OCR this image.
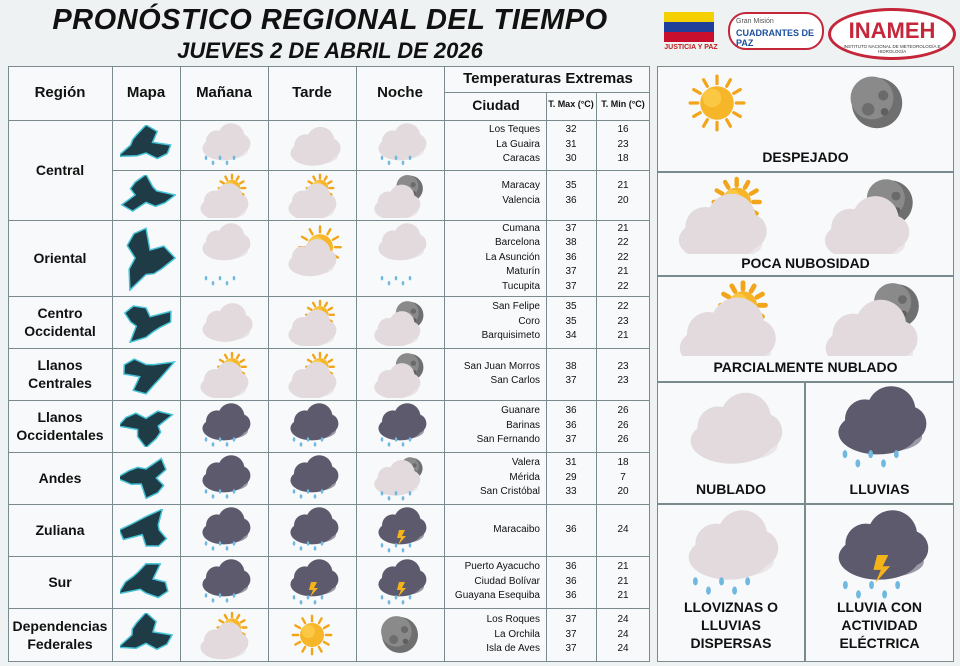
PRONÓSTICO REGIONAL DEL TIEMPO
JUEVES 2 DE ABRIL DE 2026	JUSTICIA Y PAZ
Gran Misión
CUADRANTES DE PAZ	INAMEH
INSTITUTO NACIONAL DE METEOROLOGÍA E HIDROLOGÍA
Región	Mapa	Mañana	Tarde	Noche
Temperaturas Extremas
Ciudad	T. Max (°C) T. Min (°C)
Central
Los Teques	32	16
La Guaira	31	23
Caracas	30	18
Maracay	35	21
Valencia	36	20
Oriental
Cumana	37	21
Barcelona	38	22
La Asunción	36	22
Maturín	37	21
Tucupita	37	22
Centro
Occidental
San Felipe	35	22
Coro	35	23
Barquisimeto	34	21
Llanos
Centrales
San Juan Morros	38	23
San Carlos	37	23
Llanos
Occidentales
Guanare	36	26
Barinas	36	26
San Fernando	37	26
Andes
Valera	31	18
Mérida	29	7
San Cristóbal	33	20
Zuliana	Maracaibo	36	24
Sur
Puerto Ayacucho	36	21
Ciudad Bolívar	36	21
Guayana Esequiba	36	21
Dependencias
Federales
Los Roques	37	24
La Orchila	37	24
Isla de Aves	37	24
DESPEJADO
POCA NUBOSIDAD
PARCIALMENTE NUBLADO
NUBLADO	LLUVIAS
LLOVIZNAS O LLUVIAS DISPERSAS
LLUVIA CON ACTIVIDAD ELÉCTRICA
